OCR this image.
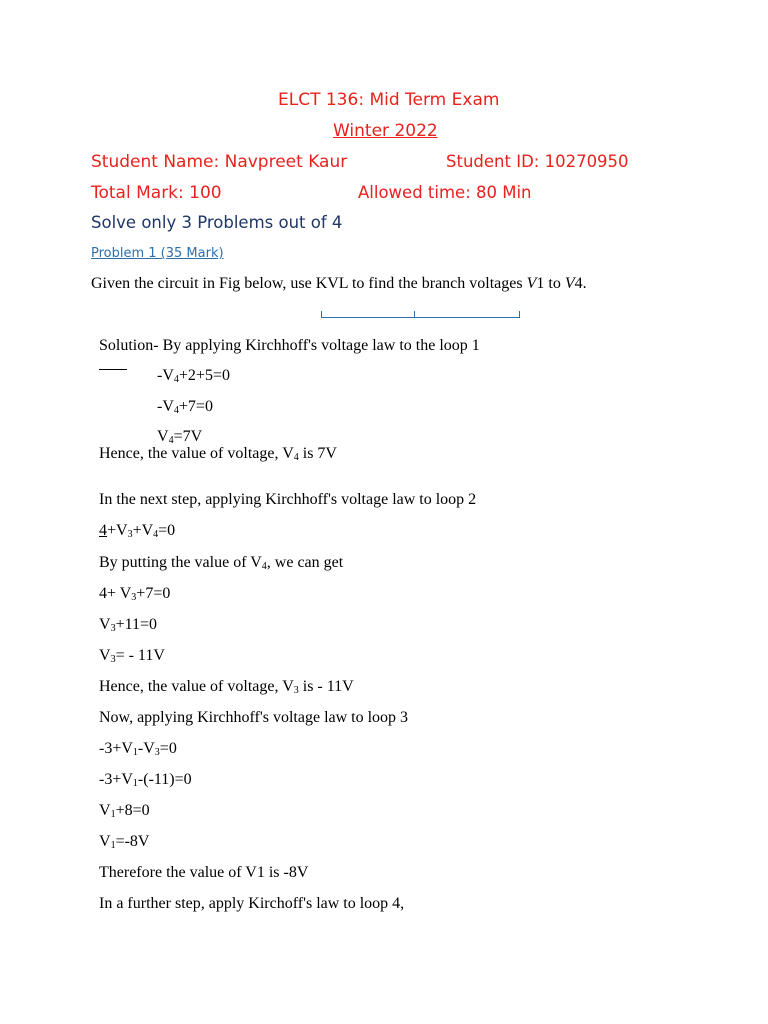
ELCT 136: Mid Term Exam
Winter 2022
Student Name: Navpreet Kaur	Student ID: 10270950
Total Mark: 100	Allowed time: 80 Min
Solve only 3 Problems out of 4
Problem 1 (35 Mark)
Given the circuit in Fig below, use KVL to find the branch voltages V1 to V4.
Solution- By applying Kirchhoff's voltage law to the loop 1
$-V_4+2+5=0$
$-V_4+7=0$
$V_4=7V$
Hence, the value of voltage, $V_4$ is 7V
In the next step, applying Kirchhoff's voltage law to loop 2
$4+V_3+V_4=0$
By putting the value of $V_4$, we can get
$4+ V_3+7=0$
$V_3+11=0$
$V_3= - 11V$
Hence, the value of voltage, $V_3$ is - 11V
Now, applying Kirchhoff's voltage law to loop 3
$-3+V_1-V_3=0$
$-3+V_1-(-11)=0$
$V_1+8=0$
$V_1=-8V$
Therefore the value of V1 is -8V
In a further step, apply Kirchoff's law to loop 4,
